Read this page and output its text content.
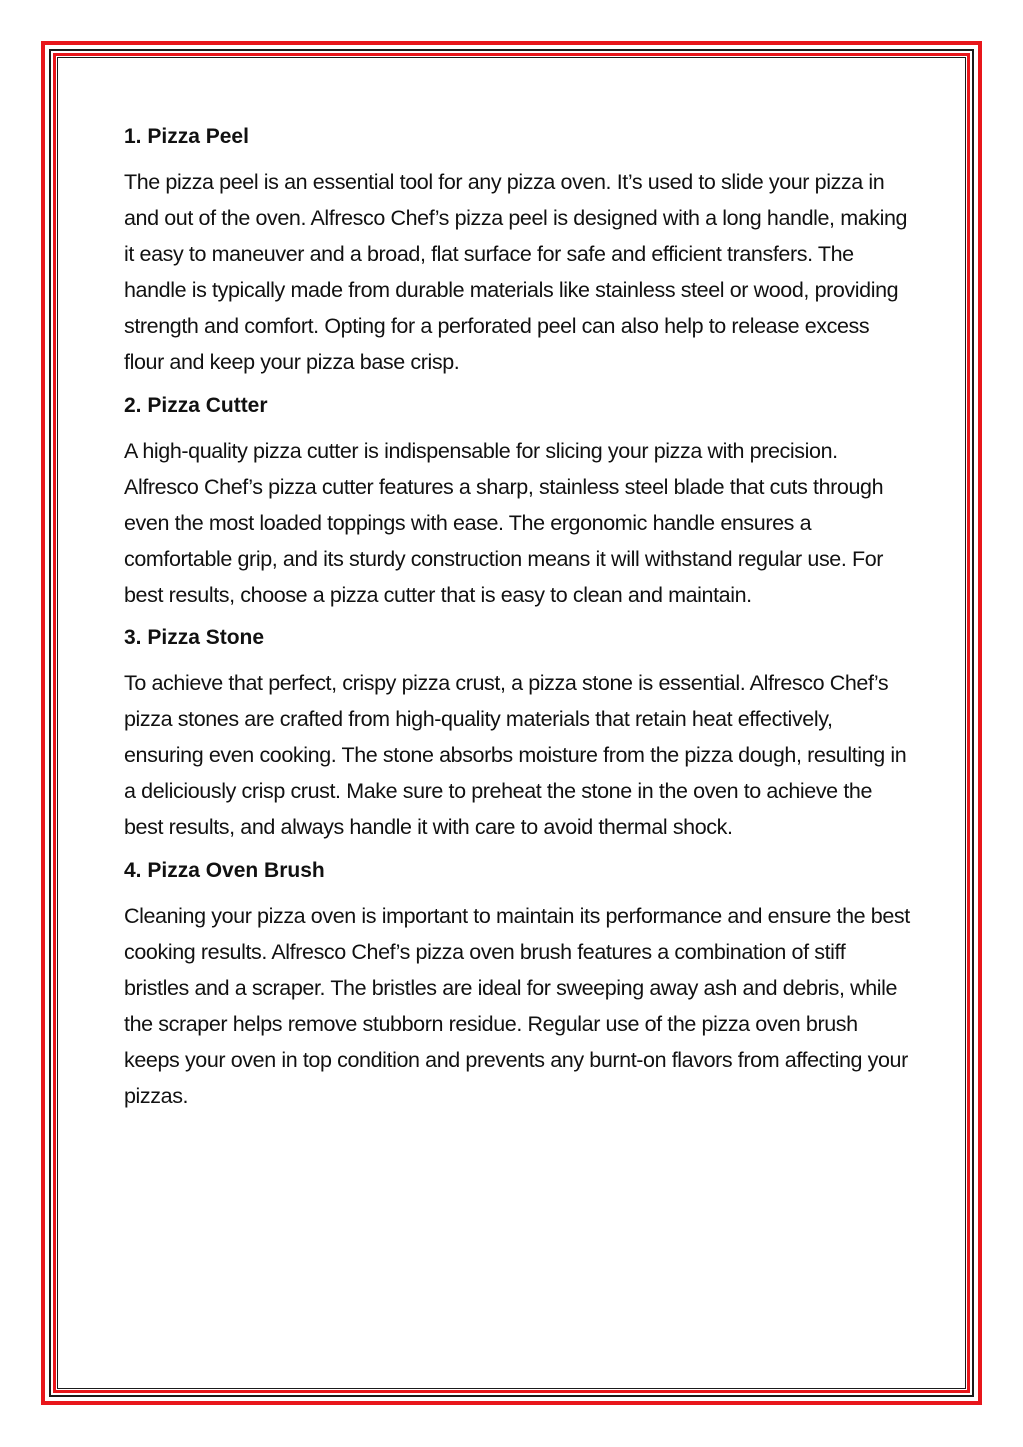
1. Pizza Peel
The pizza peel is an essential tool for any pizza oven. It’s used to slide your pizza in and out of the oven. Alfresco Chef’s pizza peel is designed with a long handle, making it easy to maneuver and a broad, flat surface for safe and efficient transfers. The handle is typically made from durable materials like stainless steel or wood, providing strength and comfort. Opting for a perforated peel can also help to release excess flour and keep your pizza base crisp.
2. Pizza Cutter
A high-quality pizza cutter is indispensable for slicing your pizza with precision. Alfresco Chef’s pizza cutter features a sharp, stainless steel blade that cuts through even the most loaded toppings with ease. The ergonomic handle ensures a comfortable grip, and its sturdy construction means it will withstand regular use. For best results, choose a pizza cutter that is easy to clean and maintain.
3. Pizza Stone
To achieve that perfect, crispy pizza crust, a pizza stone is essential. Alfresco Chef’s pizza stones are crafted from high-quality materials that retain heat effectively, ensuring even cooking. The stone absorbs moisture from the pizza dough, resulting in a deliciously crisp crust. Make sure to preheat the stone in the oven to achieve the best results, and always handle it with care to avoid thermal shock.
4. Pizza Oven Brush
Cleaning your pizza oven is important to maintain its performance and ensure the best cooking results. Alfresco Chef’s pizza oven brush features a combination of stiff bristles and a scraper. The bristles are ideal for sweeping away ash and debris, while the scraper helps remove stubborn residue. Regular use of the pizza oven brush keeps your oven in top condition and prevents any burnt-on flavors from affecting your pizzas.
